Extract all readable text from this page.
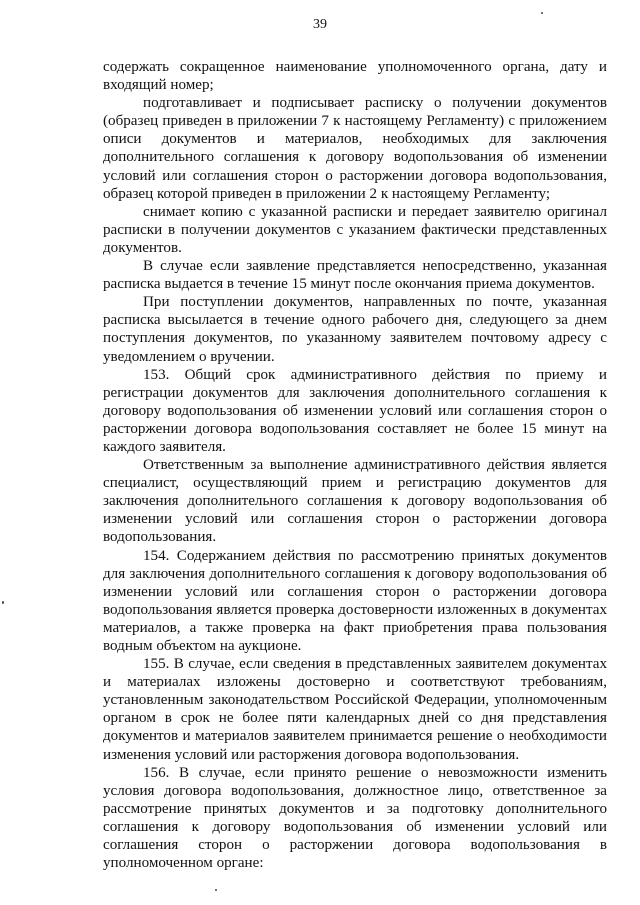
39

содержать сокращенное наименование уполномоченного органа, дату и входящий номер;

подготавливает и подписывает расписку о получении документов (образец приведен в приложении 7 к настоящему Регламенту) с приложением описи документов и материалов, необходимых для заключения дополнительного соглашения к договору водопользования об изменении условий или соглашения сторон о расторжении договора водопользования, образец которой приведен в приложении 2 к настоящему Регламенту;

снимает копию с указанной расписки и передает заявителю оригинал расписки в получении документов с указанием фактически представленных документов.

В случае если заявление представляется непосредственно, указанная расписка выдается в течение 15 минут после окончания приема документов.

При поступлении документов, направленных по почте, указанная расписка высылается в течение одного рабочего дня, следующего за днем поступления документов, по указанному заявителем почтовому адресу с уведомлением о вручении.

153. Общий срок административного действия по приему и регистрации документов для заключения дополнительного соглашения к договору водопользования об изменении условий или соглашения сторон о расторжении договора водопользования составляет не более 15 минут на каждого заявителя.

Ответственным за выполнение административного действия является специалист, осуществляющий прием и регистрацию документов для заключения дополнительного соглашения к договору водопользования об изменении условий или соглашения сторон о расторжении договора водопользования.

154. Содержанием действия по рассмотрению принятых документов для заключения дополнительного соглашения к договору водопользования об изменении условий или соглашения сторон о расторжении договора водопользования является проверка достоверности изложенных в документах материалов, а также проверка на факт приобретения права пользования водным объектом на аукционе.

155. В случае, если сведения в представленных заявителем документах и материалах изложены достоверно и соответствуют требованиям, установленным законодательством Российской Федерации, уполномоченным органом в срок не более пяти календарных дней со дня представления документов и материалов заявителем принимается решение о необходимости изменения условий или расторжения договора водопользования.

156. В случае, если принято решение о невозможности изменить условия договора водопользования, должностное лицо, ответственное за рассмотрение принятых документов и за подготовку дополнительного соглашения к договору водопользования об изменении условий или соглашения сторон о расторжении договора водопользования в уполномоченном органе:
